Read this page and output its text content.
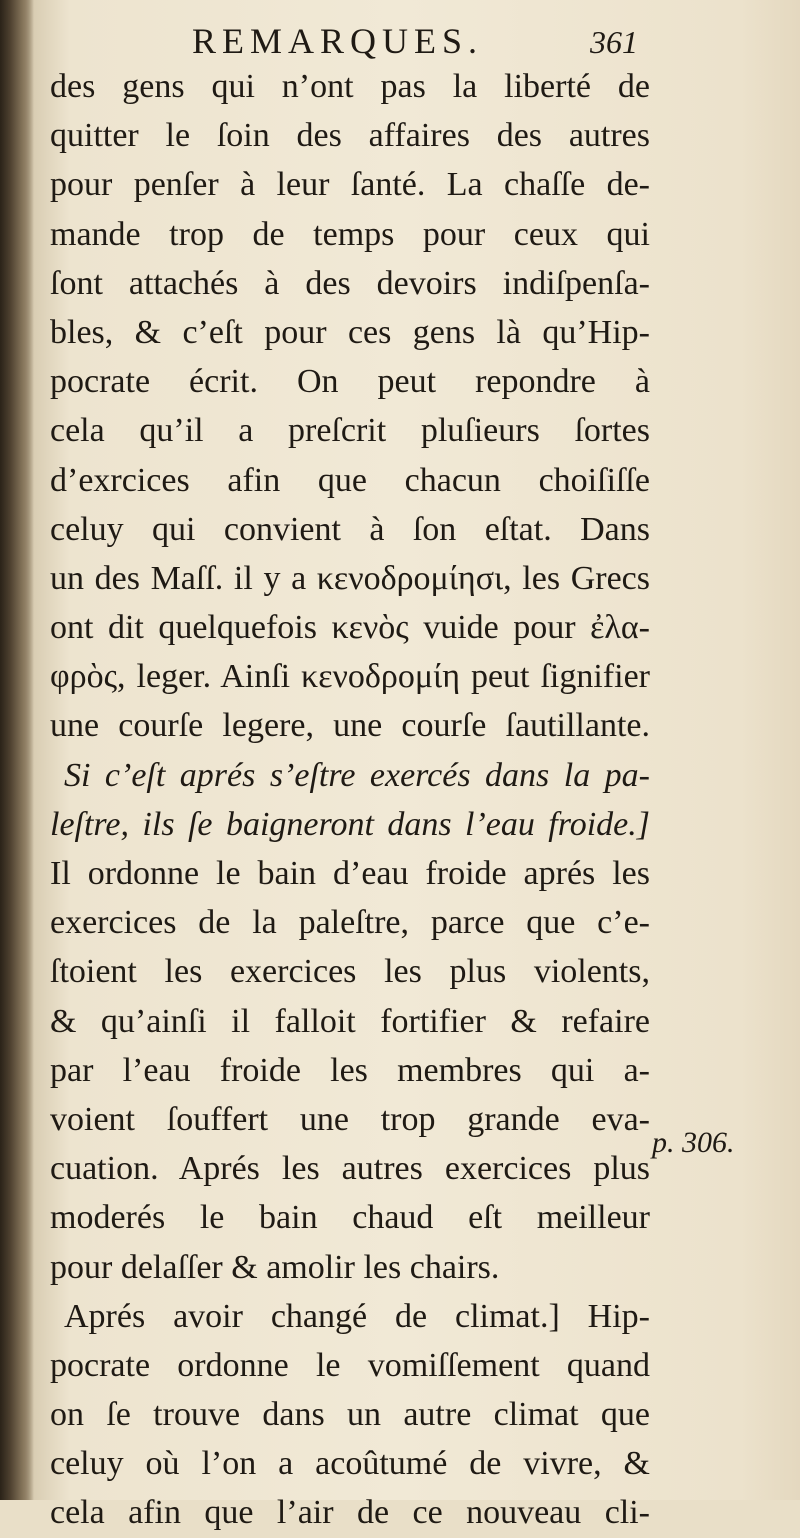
REMARQUES.	361
des gens qui n’ont pas la liberté de
quitter le ſoin des affaires des autres
pour penſer à leur ſanté. La chaſſe de-
mande trop de temps pour ceux qui
ſont attachés à des devoirs indiſpenſa-
bles, & c’eſt pour ces gens là qu’Hip-
pocrate écrit. On peut repondre à
cela qu’il a preſcrit pluſieurs ſortes
d’exrcices afin que chacun choiſiſſe
celuy qui convient à ſon eſtat. Dans
un des Maſſ. il y a κενοδρομίησι, les Grecs
ont dit quelquefois κενὸς vuide pour ἐλα-
φρὸς, leger. Ainſi κενοδρομίη peut ſignifier
une courſe legere, une courſe ſautillante.
Si c’eſt aprés s’eſtre exercés dans la pa-
leſtre, ils ſe baigneront dans l’eau froide.]
Il ordonne le bain d’eau froide aprés les
exercices de la paleſtre, parce que c’e-
ſtoient les exercices les plus violents,
& qu’ainſi il falloit fortifier & refaire
par l’eau froide les membres qui a-
voient ſouffert une trop grande eva-
cuation. Aprés les autres exercices plus
moderés le bain chaud eſt meilleur
pour delaſſer & amolir les chairs.
Aprés avoir changé de climat.] Hip-
pocrate ordonne le vomiſſement quand
on ſe trouve dans un autre climat que
celuy où l’on a acoûtumé de vivre, &
cela afin que l’air de ce nouveau cli-
p. 306.
